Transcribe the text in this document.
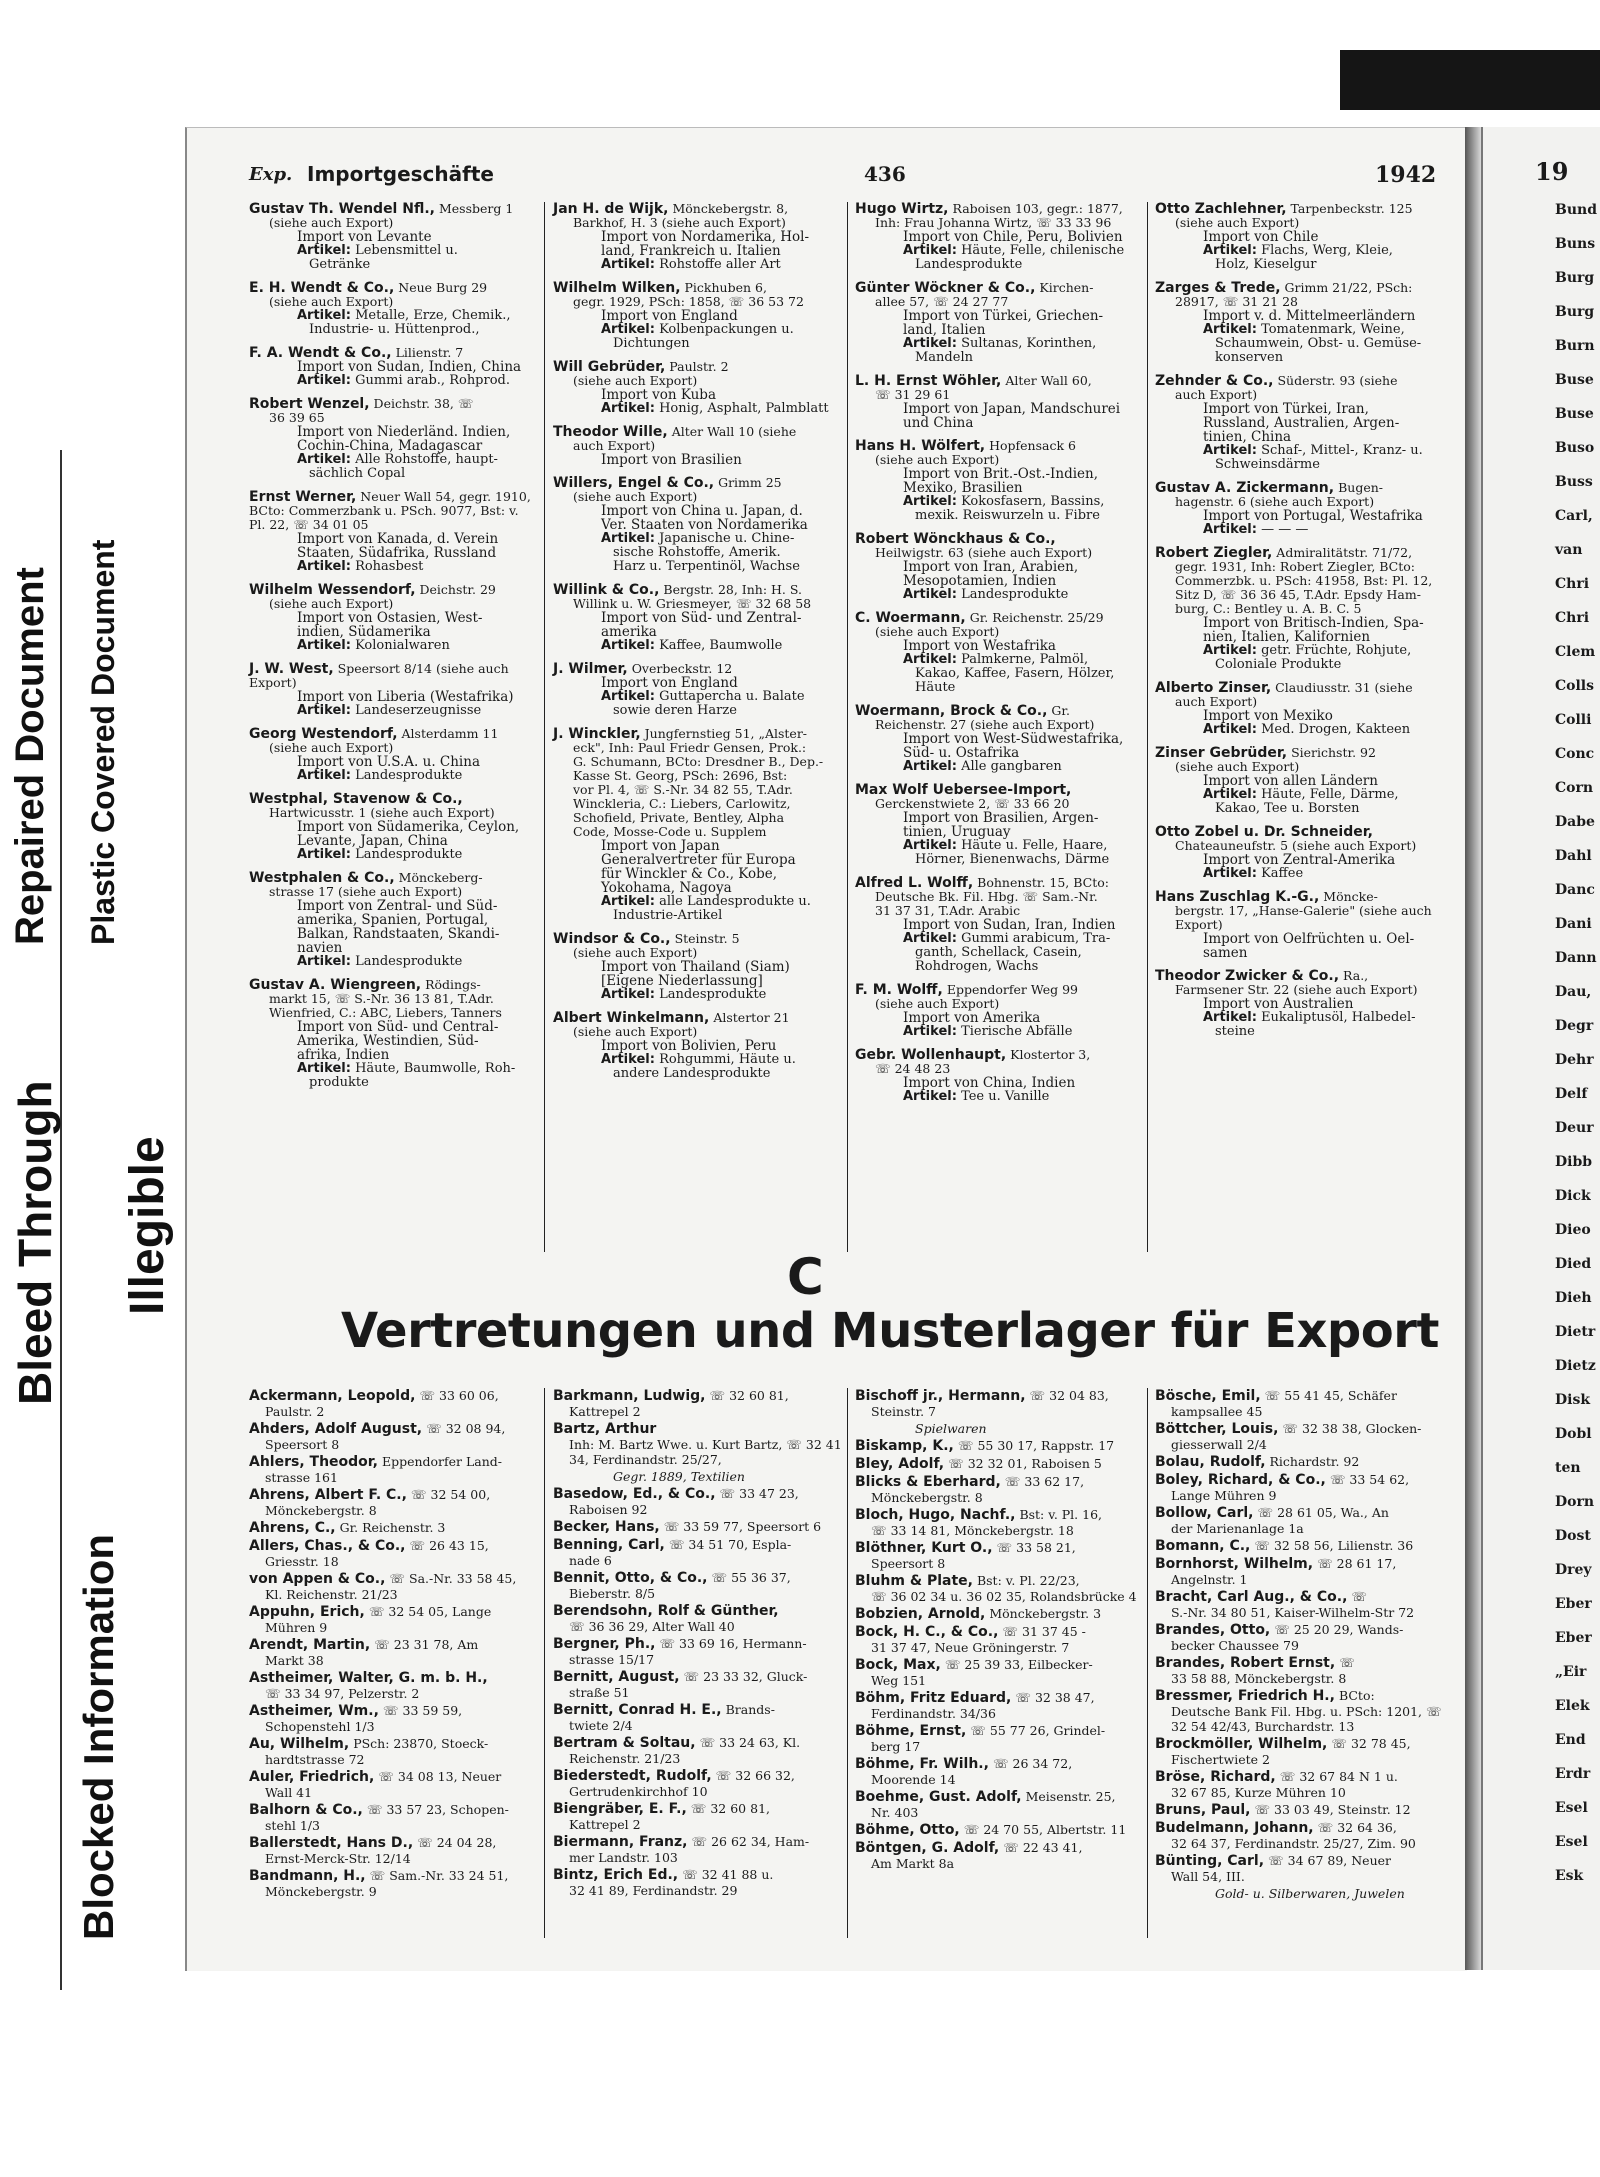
Bleed Through
Repaired Document
Illegible
Plastic Covered Document
Blocked Information
Exp. Importgeschäfte	436	1942
Gustav Th. Wendel Nfl., Messberg 1
(siehe auch Export)
Import von Levante
Artikel: Lebensmittel u.
Getränke
E. H. Wendt & Co., Neue Burg 29
(siehe auch Export)
Artikel: Metalle, Erze, Chemik.,
Industrie- u. Hüttenprod.,
F. A. Wendt & Co., Lilienstr. 7
Import von Sudan, Indien, China
Artikel: Gummi arab., Rohprod.
Robert Wenzel, Deichstr. 38, ☏
36 39 65
Import von Niederländ. Indien,
Cochin-China, Madagascar
Artikel: Alle Rohstoffe, haupt-
sächlich Copal
Ernst Werner, Neuer Wall 54, gegr. 1910, BCto: Commerzbank u. PSch. 9077, Bst: v. Pl. 22, ☏ 34 01 05
Import von Kanada, d. Verein
Staaten, Südafrika, Russland
Artikel: Rohasbest
Wilhelm Wessendorf, Deichstr. 29
(siehe auch Export)
Import von Ostasien, West-
indien, Südamerika
Artikel: Kolonialwaren
J. W. West, Speersort 8/14 (siehe auch Export)
Import von Liberia (Westafrika)
Artikel: Landeserzeugnisse
Georg Westendorf, Alsterdamm 11
(siehe auch Export)
Import von U.S.A. u. China
Artikel: Landesprodukte
Westphal, Stavenow & Co.,
Hartwicusstr. 1 (siehe auch Export)
Import von Südamerika, Ceylon,
Levante, Japan, China
Artikel: Landesprodukte
Westphalen & Co., Mönckeberg-
strasse 17 (siehe auch Export)
Import von Zentral- und Süd-
amerika, Spanien, Portugal,
Balkan, Randstaaten, Skandi-
navien
Artikel: Landesprodukte
Gustav A. Wiengreen, Rödings-
markt 15, ☏ S.-Nr. 36 13 81, T.Adr.
Wienfried, C.: ABC, Liebers, Tanners
Import von Süd- und Central-
Amerika, Westindien, Süd-
afrika, Indien
Artikel: Häute, Baumwolle, Roh-
produkte
Jan H. de Wijk, Mönckebergstr. 8,
Barkhof, H. 3 (siehe auch Export)
Import von Nordamerika, Hol-
land, Frankreich u. Italien
Artikel: Rohstoffe aller Art
Wilhelm Wilken, Pickhuben 6,
gegr. 1929, PSch: 1858, ☏ 36 53 72
Import von England
Artikel: Kolbenpackungen u.
Dichtungen
Will Gebrüder, Paulstr. 2
(siehe auch Export)
Import von Kuba
Artikel: Honig, Asphalt, Palmblatt
Theodor Wille, Alter Wall 10 (siehe
auch Export)
Import von Brasilien
Willers, Engel & Co., Grimm 25
(siehe auch Export)
Import von China u. Japan, d.
Ver. Staaten von Nordamerika
Artikel: Japanische u. Chine-
sische Rohstoffe, Amerik.
Harz u. Terpentinöl, Wachse
Willink & Co., Bergstr. 28, Inh: H. S.
Willink u. W. Griesmeyer, ☏ 32 68 58
Import von Süd- und Zentral-
amerika
Artikel: Kaffee, Baumwolle
J. Wilmer, Overbeckstr. 12
Import von England
Artikel: Guttapercha u. Balate
sowie deren Harze
J. Winckler, Jungfernstieg 51, „Alster-
eck", Inh: Paul Friedr Gensen, Prok.:
G. Schumann, BCto: Dresdner B., Dep.-
Kasse St. Georg, PSch: 2696, Bst:
vor Pl. 4, ☏ S.-Nr. 34 82 55, T.Adr.
Winckleria, C.: Liebers, Carlowitz,
Schofield, Private, Bentley, Alpha
Code, Mosse-Code u. Supplem
Import von Japan
Generalvertreter für Europa
für Winckler & Co., Kobe,
Yokohama, Nagoya
Artikel: alle Landesprodukte u.
Industrie-Artikel
Windsor & Co., Steinstr. 5
(siehe auch Export)
Import von Thailand (Siam)
[Eigene Niederlassung]
Artikel: Landesprodukte
Albert Winkelmann, Alstertor 21
(siehe auch Export)
Import von Bolivien, Peru
Artikel: Rohgummi, Häute u.
andere Landesprodukte
Hugo Wirtz, Raboisen 103, gegr.: 1877,
Inh: Frau Johanna Wirtz, ☏ 33 33 96
Import von Chile, Peru, Bolivien
Artikel: Häute, Felle, chilenische
Landesprodukte
Günter Wöckner & Co., Kirchen-
allee 57, ☏ 24 27 77
Import von Türkei, Griechen-
land, Italien
Artikel: Sultanas, Korinthen,
Mandeln
L. H. Ernst Wöhler, Alter Wall 60,
☏ 31 29 61
Import von Japan, Mandschurei
und China
Hans H. Wölfert, Hopfensack 6
(siehe auch Export)
Import von Brit.-Ost.-Indien,
Mexiko, Brasilien
Artikel: Kokosfasern, Bassins,
mexik. Reiswurzeln u. Fibre
Robert Wönckhaus & Co.,
Heilwigstr. 63 (siehe auch Export)
Import von Iran, Arabien,
Mesopotamien, Indien
Artikel: Landesprodukte
C. Woermann, Gr. Reichenstr. 25/29
(siehe auch Export)
Import von Westafrika
Artikel: Palmkerne, Palmöl,
Kakao, Kaffee, Fasern, Hölzer,
Häute
Woermann, Brock & Co., Gr.
Reichenstr. 27 (siehe auch Export)
Import von West-Südwestafrika,
Süd- u. Ostafrika
Artikel: Alle gangbaren
Max Wolf Uebersee-Import,
Gerckenstwiete 2, ☏ 33 66 20
Import von Brasilien, Argen-
tinien, Uruguay
Artikel: Häute u. Felle, Haare,
Hörner, Bienenwachs, Därme
Alfred L. Wolff, Bohnenstr. 15, BCto:
Deutsche Bk. Fil. Hbg. ☏ Sam.-Nr.
31 37 31, T.Adr. Arabic
Import von Sudan, Iran, Indien
Artikel: Gummi arabicum, Tra-
ganth, Schellack, Casein,
Rohdrogen, Wachs
F. M. Wolff, Eppendorfer Weg 99
(siehe auch Export)
Import von Amerika
Artikel: Tierische Abfälle
Gebr. Wollenhaupt, Klostertor 3,
☏ 24 48 23
Import von China, Indien
Artikel: Tee u. Vanille
Otto Zachlehner, Tarpenbeckstr. 125
(siehe auch Export)
Import von Chile
Artikel: Flachs, Werg, Kleie,
Holz, Kieselgur
Zarges & Trede, Grimm 21/22, PSch:
28917, ☏ 31 21 28
Import v. d. Mittelmeerländern
Artikel: Tomatenmark, Weine,
Schaumwein, Obst- u. Gemüse-
konserven
Zehnder & Co., Süderstr. 93 (siehe
auch Export)
Import von Türkei, Iran,
Russland, Australien, Argen-
tinien, China
Artikel: Schaf-, Mittel-, Kranz- u.
Schweinsdärme
Gustav A. Zickermann, Bugen-
hagenstr. 6 (siehe auch Export)
Import von Portugal, Westafrika
Artikel: — — —
Robert Ziegler, Admiralitätstr. 71/72,
gegr. 1931, Inh: Robert Ziegler, BCto:
Commerzbk. u. PSch: 41958, Bst: Pl. 12,
Sitz D, ☏ 36 36 45, T.Adr. Epsdy Ham-
burg, C.: Bentley u. A. B. C. 5
Import von Britisch-Indien, Spa-
nien, Italien, Kalifornien
Artikel: getr. Früchte, Rohjute,
Coloniale Produkte
Alberto Zinser, Claudiusstr. 31 (siehe
auch Export)
Import von Mexiko
Artikel: Med. Drogen, Kakteen
Zinser Gebrüder, Sierichstr. 92
(siehe auch Export)
Import von allen Ländern
Artikel: Häute, Felle, Därme,
Kakao, Tee u. Borsten
Otto Zobel u. Dr. Schneider,
Chateauneufstr. 5 (siehe auch Export)
Import von Zentral-Amerika
Artikel: Kaffee
Hans Zuschlag K.-G., Möncke-
bergstr. 17, „Hanse-Galerie" (siehe auch
Export)
Import von Oelfrüchten u. Oel-
samen
Theodor Zwicker & Co., Ra.,
Farmsener Str. 22 (siehe auch Export)
Import von Australien
Artikel: Eukaliptusöl, Halbedel-
steine
C
Vertretungen und Musterlager für Export
Ackermann, Leopold, ☏ 33 60 06,
Paulstr. 2
Ahders, Adolf August, ☏ 32 08 94,
Speersort 8
Ahlers, Theodor, Eppendorfer Land-
strasse 161
Ahrens, Albert F. C., ☏ 32 54 00,
Mönckebergstr. 8
Ahrens, C., Gr. Reichenstr. 3
Allers, Chas., & Co., ☏ 26 43 15,
Griesstr. 18
von Appen & Co., ☏ Sa.-Nr. 33 58 45,
Kl. Reichenstr. 21/23
Appuhn, Erich, ☏ 32 54 05, Lange
Mühren 9
Arendt, Martin, ☏ 23 31 78, Am
Markt 38
Astheimer, Walter, G. m. b. H.,
☏ 33 34 97, Pelzerstr. 2
Astheimer, Wm., ☏ 33 59 59,
Schopenstehl 1/3
Au, Wilhelm, PSch: 23870, Stoeck-
hardtstrasse 72
Auler, Friedrich, ☏ 34 08 13, Neuer
Wall 41
Balhorn & Co., ☏ 33 57 23, Schopen-
stehl 1/3
Ballerstedt, Hans D., ☏ 24 04 28,
Ernst-Merck-Str. 12/14
Bandmann, H., ☏ Sam.-Nr. 33 24 51,
Mönckebergstr. 9
Barkmann, Ludwig, ☏ 32 60 81,
Kattrepel 2
Bartz, Arthur
Inh: M. Bartz Wwe. u. Kurt Bartz, ☏ 32 41 34, Ferdinandstr. 25/27,
Gegr. 1889, Textilien
Basedow, Ed., & Co., ☏ 33 47 23,
Raboisen 92
Becker, Hans, ☏ 33 59 77, Speersort 6
Benning, Carl, ☏ 34 51 70, Espla-
nade 6
Bennit, Otto, & Co., ☏ 55 36 37,
Bieberstr. 8/5
Berendsohn, Rolf & Günther,
☏ 36 36 29, Alter Wall 40
Bergner, Ph., ☏ 33 69 16, Hermann-
strasse 15/17
Bernitt, August, ☏ 23 33 32, Gluck-
straße 51
Bernitt, Conrad H. E., Brands-
twiete 2/4
Bertram & Soltau, ☏ 33 24 63, Kl.
Reichenstr. 21/23
Biederstedt, Rudolf, ☏ 32 66 32,
Gertrudenkirchhof 10
Biengräber, E. F., ☏ 32 60 81,
Kattrepel 2
Biermann, Franz, ☏ 26 62 34, Ham-
mer Landstr. 103
Bintz, Erich Ed., ☏ 32 41 88 u.
32 41 89, Ferdinandstr. 29
Bischoff jr., Hermann, ☏ 32 04 83,
Steinstr. 7
Spielwaren
Biskamp, K., ☏ 55 30 17, Rappstr. 17
Bley, Adolf, ☏ 32 32 01, Raboisen 5
Blicks & Eberhard, ☏ 33 62 17,
Mönckebergstr. 8
Bloch, Hugo, Nachf., Bst: v. Pl. 16,
☏ 33 14 81, Mönckebergstr. 18
Blöthner, Kurt O., ☏ 33 58 21,
Speersort 8
Bluhm & Plate, Bst: v. Pl. 22/23,
☏ 36 02 34 u. 36 02 35, Rolandsbrücke 4
Bobzien, Arnold, Mönckebergstr. 3
Bock, H. C., & Co., ☏ 31 37 45 -
31 37 47, Neue Gröningerstr. 7
Bock, Max, ☏ 25 39 33, Eilbecker-
Weg 151
Böhm, Fritz Eduard, ☏ 32 38 47,
Ferdinandstr. 34/36
Böhme, Ernst, ☏ 55 77 26, Grindel-
berg 17
Böhme, Fr. Wilh., ☏ 26 34 72,
Moorende 14
Boehme, Gust. Adolf, Meisenstr. 25,
Nr. 403
Böhme, Otto, ☏ 24 70 55, Albertstr. 11
Böntgen, G. Adolf, ☏ 22 43 41,
Am Markt 8a
Bösche, Emil, ☏ 55 41 45, Schäfer
kampsallee 45
Böttcher, Louis, ☏ 32 38 38, Glocken-
giesserwall 2/4
Bolau, Rudolf, Richardstr. 92
Boley, Richard, & Co., ☏ 33 54 62,
Lange Mühren 9
Bollow, Carl, ☏ 28 61 05, Wa., An
der Marienanlage 1a
Bomann, C., ☏ 32 58 56, Lilienstr. 36
Bornhorst, Wilhelm, ☏ 28 61 17,
Angelnstr. 1
Bracht, Carl Aug., & Co., ☏
S.-Nr. 34 80 51, Kaiser-Wilhelm-Str 72
Brandes, Otto, ☏ 25 20 29, Wands-
becker Chaussee 79
Brandes, Robert Ernst, ☏
33 58 88, Mönckebergstr. 8
Bressmer, Friedrich H., BCto:
Deutsche Bank Fil. Hbg. u. PSch: 1201, ☏ 32 54 42/43, Burchardstr. 13
Brockmöller, Wilhelm, ☏ 32 78 45,
Fischertwiete 2
Bröse, Richard, ☏ 32 67 84 N 1 u.
32 67 85, Kurze Mühren 10
Bruns, Paul, ☏ 33 03 49, Steinstr. 12
Budelmann, Johann, ☏ 32 64 36,
32 64 37, Ferdinandstr. 25/27, Zim. 90
Bünting, Carl, ☏ 34 67 89, Neuer
Wall 54, III.
Gold- u. Silberwaren, Juwelen
19
Bund
Buns
Burg
Burg
Burn
Buse
Buse
Buso
Buss
Carl,
van
Chri
Chri
Clem
Colls
Colli
Conc
Corn
Dabe
Dahl
Danc
Dani
Dann
Dau,
Degr
Dehr
Delf
Deur
Dibb
Dick
Dieo
Died
Dieh
Dietr
Dietz
Disk
Dobl
ten
Dorn
Dost
Drey
Eber
Eber
„Eir
Elek
End
Erdr
Esel
Esel
Esk
